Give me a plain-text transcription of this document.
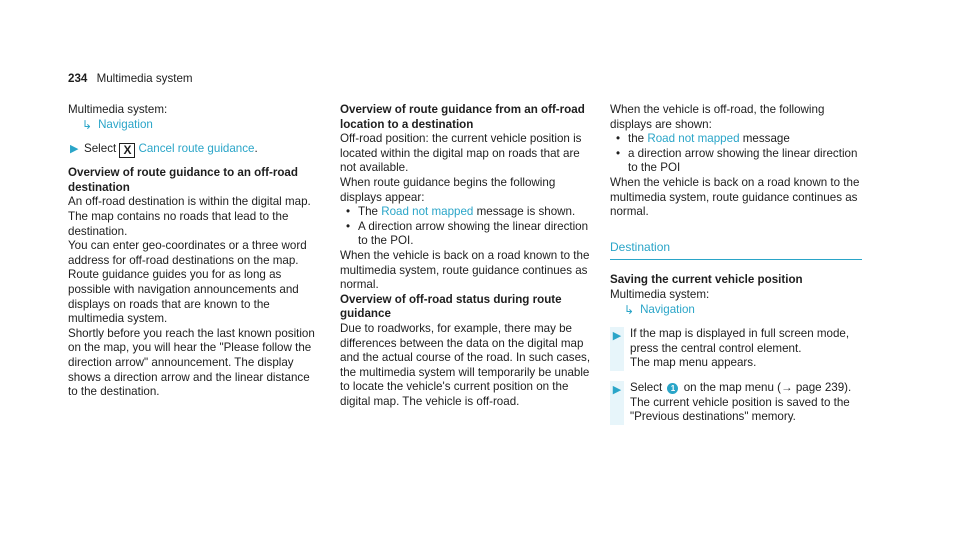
234 Multimedia system

Multimedia system:

↳ Navigation
▶ Select X Cancel route guidance.

Overview of route guidance to an off-road destination

An off-road destination is within the digital map. The map contains no roads that lead to the destination.

You can enter geo-coordinates or a three word address for off-road destinations on the map. Route guidance guides you for as long as possible with navigation announcements and displays on roads that are known to the multimedia system.

Shortly before you reach the last known position on the map, you will hear the "Please follow the direction arrow" announcement. The display shows a direction arrow and the linear distance to the destination.

Overview of route guidance from an off-road location to a destination

Off-road position: the current vehicle position is located within the digital map on roads that are not available.

When route guidance begins the following displays appear:

• The Road not mapped message is shown.
• A direction arrow showing the linear direction to the POI.

When the vehicle is back on a road known to the multimedia system, route guidance continues as normal.

Overview of off-road status during route guidance

Due to roadworks, for example, there may be differences between the data on the digital map and the actual course of the road. In such cases, the multimedia system will temporarily be unable to locate the vehicle's current position on the digital map. The vehicle is off-road.

When the vehicle is off-road, the following displays are shown:

• the Road not mapped message
• a direction arrow showing the linear direction to the POI

When the vehicle is back on a road known to the multimedia system, route guidance continues as normal.

Destination

Saving the current vehicle position

Multimedia system:

↳ Navigation
▶ If the map is displayed in full screen mode, press the central control element.

The map menu appears.

▶ Select 1 on the map menu (→ page 239).

The current vehicle position is saved to the "Previous destinations" memory.
